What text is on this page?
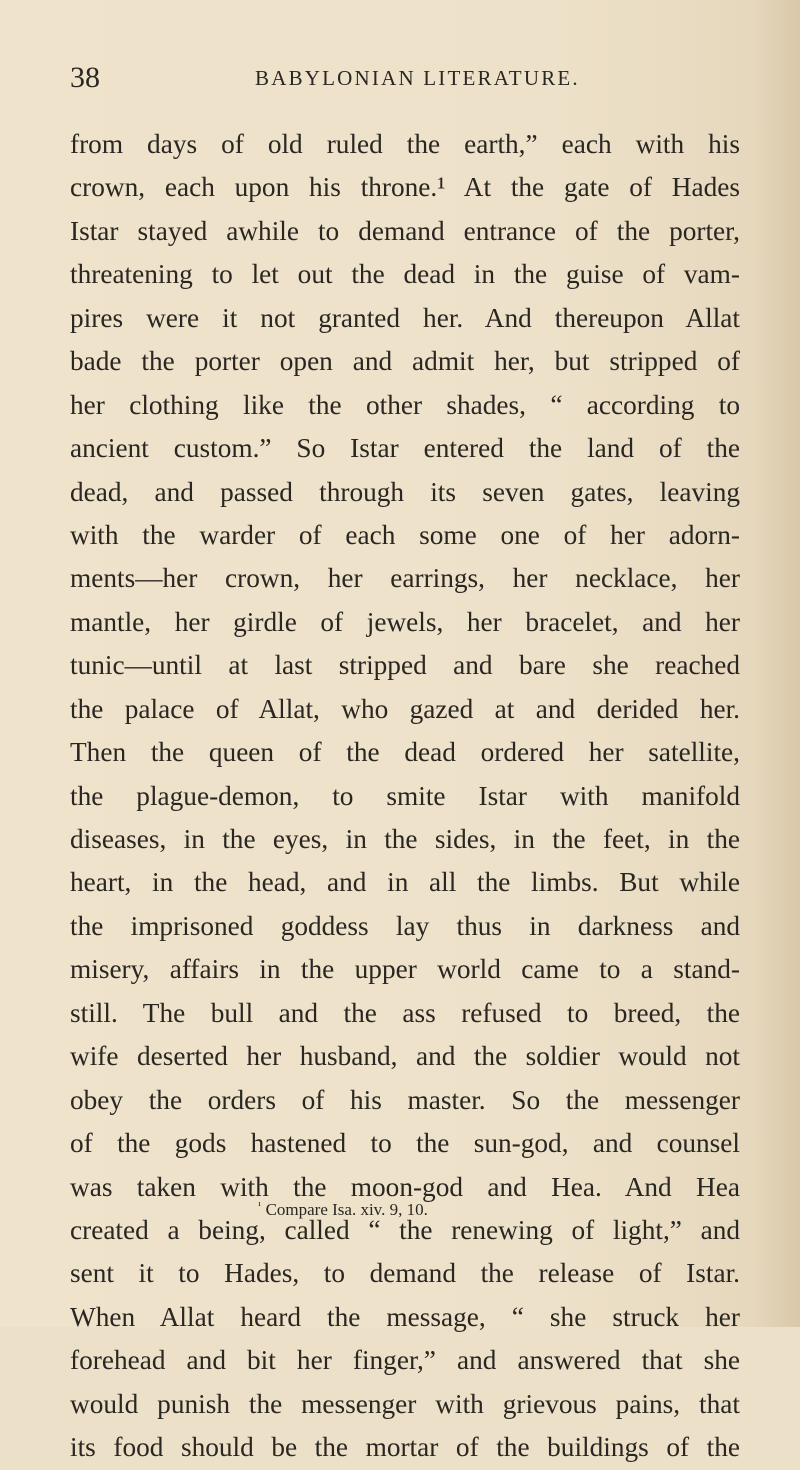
38	BABYLONIAN LITERATURE.
from days of old ruled the earth,” each with his
crown, each upon his throne.¹ At the gate of Hades
Istar stayed awhile to demand entrance of the porter,
threatening to let out the dead in the guise of vam-
pires were it not granted her. And thereupon Allat
bade the porter open and admit her, but stripped of
her clothing like the other shades, “ according to
ancient custom.” So Istar entered the land of the
dead, and passed through its seven gates, leaving
with the warder of each some one of her adorn-
ments—her crown, her earrings, her necklace, her
mantle, her girdle of jewels, her bracelet, and her
tunic—until at last stripped and bare she reached
the palace of Allat, who gazed at and derided her.
Then the queen of the dead ordered her satellite,
the plague-demon, to smite Istar with manifold
diseases, in the eyes, in the sides, in the feet, in the
heart, in the head, and in all the limbs. But while
the imprisoned goddess lay thus in darkness and
misery, affairs in the upper world came to a stand-
still. The bull and the ass refused to breed, the
wife deserted her husband, and the soldier would not
obey the orders of his master. So the messenger
of the gods hastened to the sun-god, and counsel
was taken with the moon-god and Hea. And Hea
created a being, called “ the renewing of light,” and
sent it to Hades, to demand the release of Istar.
When Allat heard the message, “ she struck her
forehead and bit her finger,” and answered that she
would punish the messenger with grievous pains, that
its food should be the mortar of the buildings of the
$^{^1}$ Compare Isa. xiv. 9, 10.
